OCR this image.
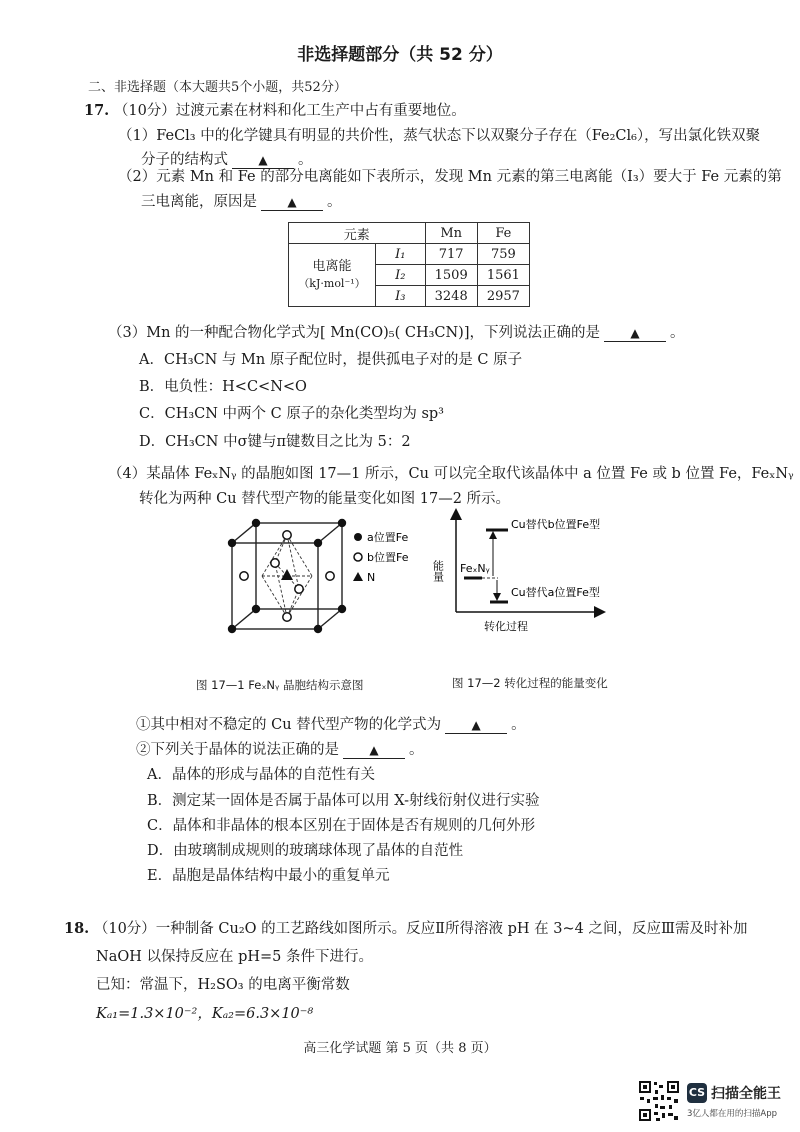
非选择题部分（共 52 分）
二、非选择题（本大题共5个小题，共52分）
17. （10分）过渡元素在材料和化工生产中占有重要地位。
（1）FeCl₃ 中的化学键具有明显的共价性，蒸气状态下以双聚分子存在（Fe₂Cl₆），写出氯化铁双聚
分子的结构式	▲ 。
（2）元素 Mn 和 Fe 的部分电离能如下表所示，发现 Mn 元素的第三电离能（I₃）要大于 Fe 元素的第
三电离能，原因是	▲ 。
元素		Mn	Fe

电离能
（kJ·mol⁻¹）	I₁	717	759
	I₂	1509	1561
	I₃	3248	2957
（3）Mn 的一种配合物化学式为[ Mn(CO)₅( CH₃CN)]，下列说法正确的是	▲ 。
A．CH₃CN 与 Mn 原子配位时，提供孤电子对的是 C 原子
B．电负性：H<C<N<O
C．CH₃CN 中两个 C 原子的杂化类型均为 sp³
D．CH₃CN 中σ键与π键数目之比为 5：2
（4）某晶体 FeₓNᵧ 的晶胞如图 17—1 所示，Cu 可以完全取代该晶体中 a 位置 Fe 或 b 位置 Fe，FeₓNᵧ
转化为两种 Cu 替代型产物的能量变化如图 17—2 所示。
a位置Fe
b位置Fe
N	能量
转化过程
Cu替代b位置Fe型
FeₓNᵧ
Cu替代a位置Fe型
图 17—1 FeₓNᵧ 晶胞结构示意图	图 17—2 转化过程的能量变化
①其中相对不稳定的 Cu 替代型产物的化学式为	▲ 。
②下列关于晶体的说法正确的是	▲ 。
A．晶体的形成与晶体的自范性有关
B．测定某一固体是否属于晶体可以用 X-射线衍射仪进行实验
C．晶体和非晶体的根本区别在于固体是否有规则的几何外形
D．由玻璃制成规则的玻璃球体现了晶体的自范性
E．晶胞是晶体结构中最小的重复单元
18. （10分）一种制备 Cu₂O 的工艺路线如图所示。反应Ⅱ所得溶液 pH 在 3~4 之间，反应Ⅲ需及时补加
NaOH 以保持反应在 pH=5 条件下进行。
已知：常温下，H₂SO₃ 的电离平衡常数
Kₐ₁=1.3×10⁻²，Kₐ₂=6.3×10⁻⁸
高三化学试题 第 5 页（共 8 页）
CS 扫描全能王
3亿人都在用的扫描App
